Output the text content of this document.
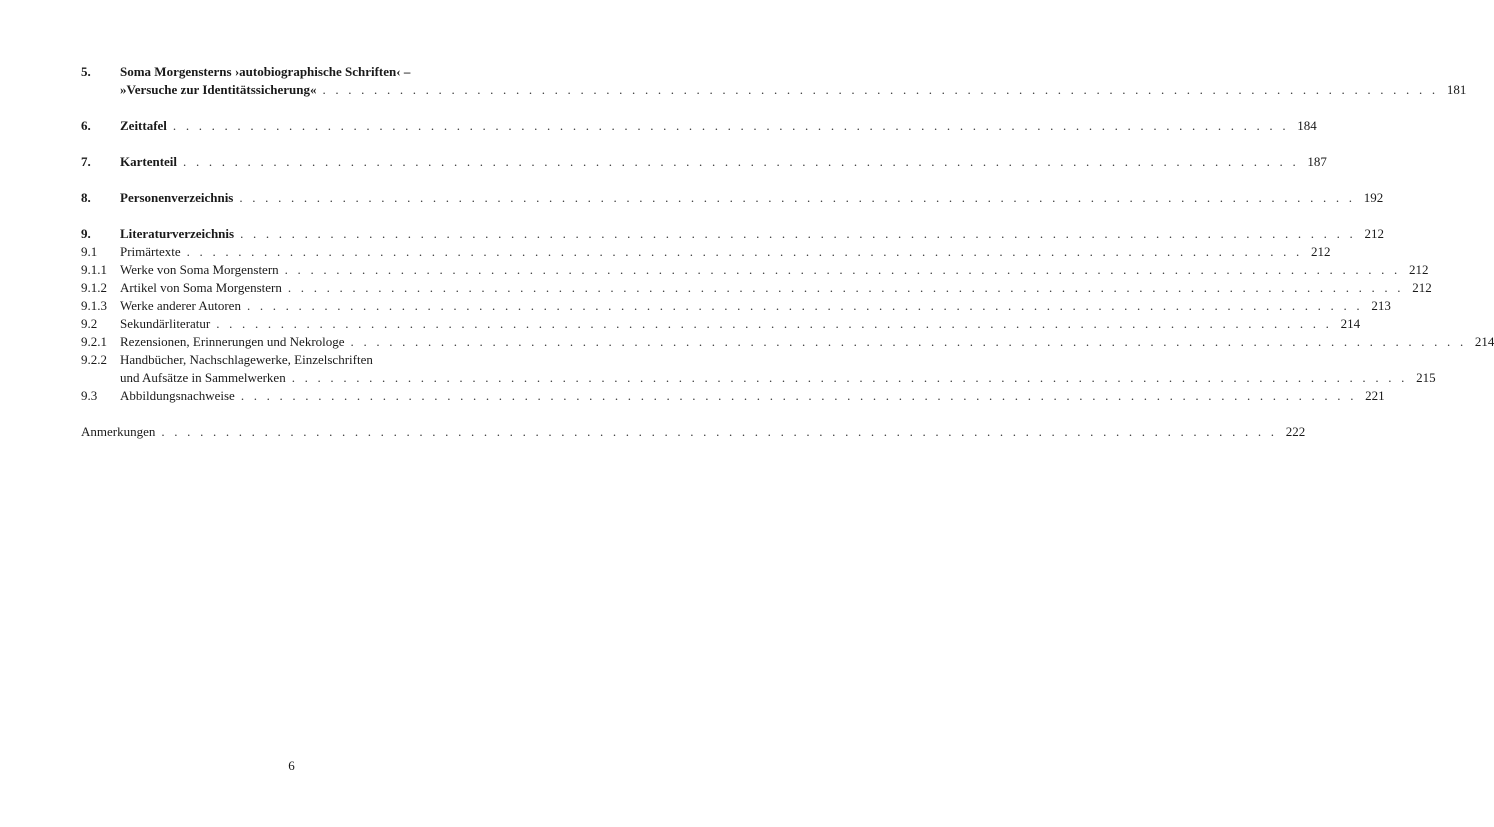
5.	Soma Morgensterns ›autobiographische Schriften‹ –
»Versuche zur Identitätssicherung« . . .	181
6.	Zeittafel . . .	184
7.	Kartenteil . . .	187
8.	Personenverzeichnis . . .	192
9.	Literaturverzeichnis . . .	212
9.1	Primärtexte . . .	212
9.1.1	Werke von Soma Morgenstern . . .	212
9.1.2	Artikel von Soma Morgenstern . . .	212
9.1.3	Werke anderer Autoren . . .	213
9.2	Sekundärliteratur . . .	214
9.2.1	Rezensionen, Erinnerungen und Nekrologe . . .	214
9.2.2	Handbücher, Nachschlagewerke, Einzelschriften
und Aufsätze in Sammelwerken . . .	215
9.3	Abbildungsnachweise . . .	221
Anmerkungen . . .	222
6
